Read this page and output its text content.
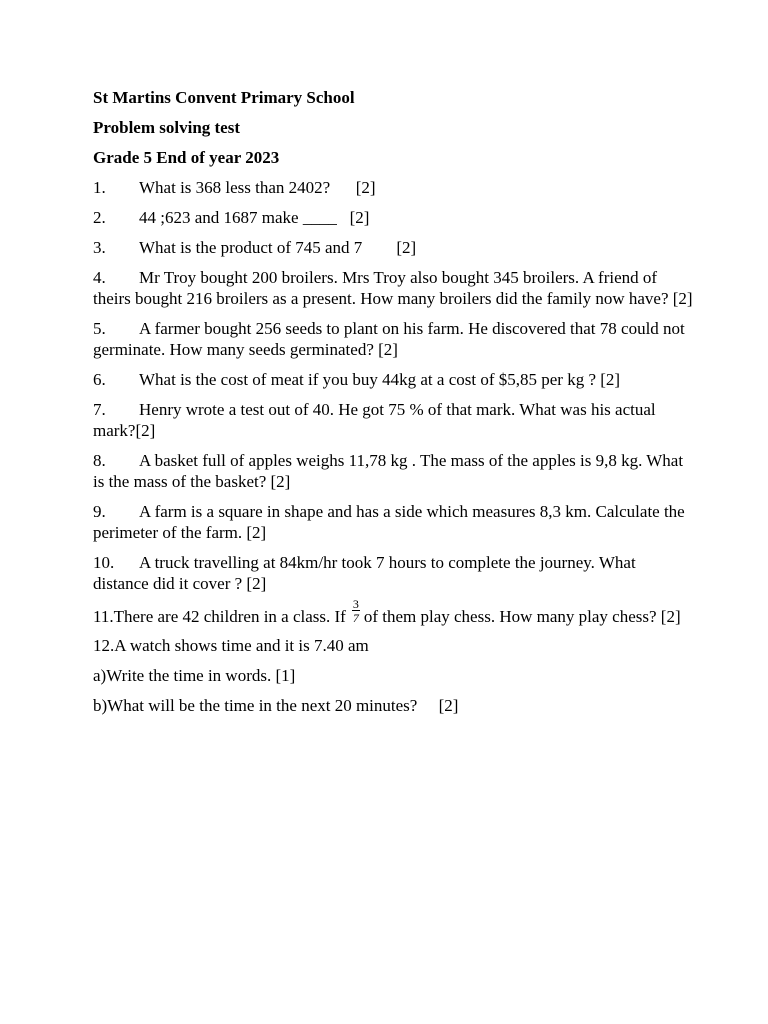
St Martins Convent Primary School
Problem solving test
Grade 5 End of year 2023
1. What is 368 less than 2402? [2]
2. 44 ;623 and 1687 make ____ [2]
3. What is the product of 745 and 7 [2]
4. Mr Troy bought 200 broilers. Mrs Troy also bought 345 broilers. A friend of theirs bought 216 broilers as a present. How many broilers did the family now have? [2]
5. A farmer bought 256 seeds to plant on his farm. He discovered that 78 could not germinate. How many seeds germinated? [2]
6. What is the cost of meat if you buy 44kg at a cost of $5,85 per kg ? [2]
7. Henry wrote a test out of 40. He got 75 % of that mark. What was his actual mark?[2]
8. A basket full of apples weighs 11,78 kg . The mass of the apples is 9,8 kg. What is the mass of the basket? [2]
9. A farm is a square in shape and has a side which measures 8,3 km. Calculate the perimeter of the farm. [2]
10. A truck travelling at 84km/hr took 7 hours to complete the journey. What distance did it cover ? [2]
11.There are 42 children in a class. If $\frac{3}{7}$ of them play chess. How many play chess? [2]
12.A watch shows time and it is 7.40 am
a)Write the time in words. [1]
b)What will be the time in the next 20 minutes?     [2]
